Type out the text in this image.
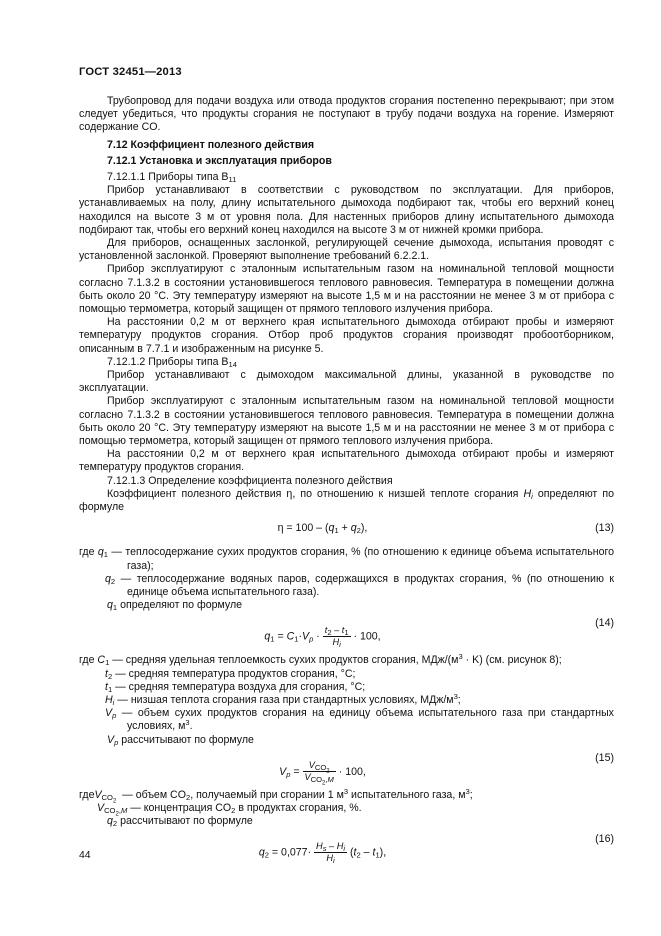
ГОСТ 32451—2013

Трубопровод для подачи воздуха или отвода продуктов сгорания постепенно перекрывают; при этом следует убедиться, что продукты сгорания не поступают в трубу подачи воздуха на горение. Измеряют содержание CO.

7.12 Коэффициент полезного действия

7.12.1 Установка и эксплуатация приборов

7.12.1.1 Приборы типа $B_{11}$

Прибор устанавливают в соответствии с руководством по эксплуатации. Для приборов, устанавливаемых на полу, длину испытательного дымохода подбирают так, чтобы его верхний конец находился на высоте 3 м от уровня пола. Для настенных приборов длину испытательного дымохода подбирают так, чтобы его верхний конец находился на высоте 3 м от нижней кромки прибора.

Для приборов, оснащенных заслонкой, регулирующей сечение дымохода, испытания проводят с установленной заслонкой. Проверяют выполнение требований 6.2.2.1.

Прибор эксплуатируют с эталонным испытательным газом на номинальной тепловой мощности согласно 7.1.3.2 в состоянии установившегося теплового равновесия. Температура в помещении должна быть около 20 °С. Эту температуру измеряют на высоте 1,5 м и на расстоянии не менее 3 м от прибора с помощью термометра, который защищен от прямого теплового излучения прибора.

На расстоянии 0,2 м от верхнего края испытательного дымохода отбирают пробы и измеряют температуру продуктов сгорания. Отбор проб продуктов сгорания производят пробоотборником, описанным в 7.7.1 и изображенным на рисунке 5.

7.12.1.2 Приборы типа $B_{14}$

Прибор устанавливают с дымоходом максимальной длины, указанной в руководстве по эксплуатации.

Прибор эксплуатируют с эталонным испытательным газом на номинальной тепловой мощности согласно 7.1.3.2 в состоянии установившегося теплового равновесия. Температура в помещении должна быть около 20 °С. Эту температуру измеряют на высоте 1,5 м и на расстоянии не менее 3 м от прибора с помощью термометра, который защищен от прямого теплового излучения прибора.

На расстоянии 0,2 м от верхнего края испытательного дымохода отбирают пробы и измеряют температуру продуктов сгорания.

7.12.1.3 Определение коэффициента полезного действия

Коэффициент полезного действия η, по отношению к низшей теплоте сгорания $H_i$ определяют по формуле

$\eta = 100 - (q_1 + q_2)$,	(13)

где $q_1$ — теплосодержание сухих продуктов сгорания, % (по отношению к единице объема испытательного газа);

$q_2$ — теплосодержание водяных паров, содержащихся в продуктах сгорания, % (по отношению к единице объема испытательного газа).

$q_1$ определяют по формуле

$q_1 = C_1\cdot V_p \cdot \frac{t_2 - t_1}{H_i} \cdot 100$,
(14)

где $C_1$ — средняя удельная теплоемкость сухих продуктов сгорания, МДж/$(м^3 \cdot K)$ (см. рисунок 8);

$t_2$ — средняя температура продуктов сгорания, °С;

$t_1$ — средняя температура воздуха для сгорания, °С;

$H_i$ — низшая теплота сгорания газа при стандартных условиях, МДж/$м^3$;

$V_p$ — объем сухих продуктов сгорания на единицу объема испытательного газа при стандартных условиях, $м^3$.

$V_p$ рассчитывают по формуле

$V_p = \frac{V_{CO_2}}{V_{CO_2,M}} \cdot 100$,
(15)

гдеV$_{CO_2}$  — объем $CO_2$, получаемый при сгорании 1 $м^3$ испытательного газа, $м^3$;

$V_{CO_2,M}$ — концентрация $CO_2$ в продуктах сгорания, %.

$q_2$ рассчитывают по формуле

$q_2 = 0,077\cdot \frac{H_s - H_i}{H_i} (t_2 - t_1)$,
(16)
44
